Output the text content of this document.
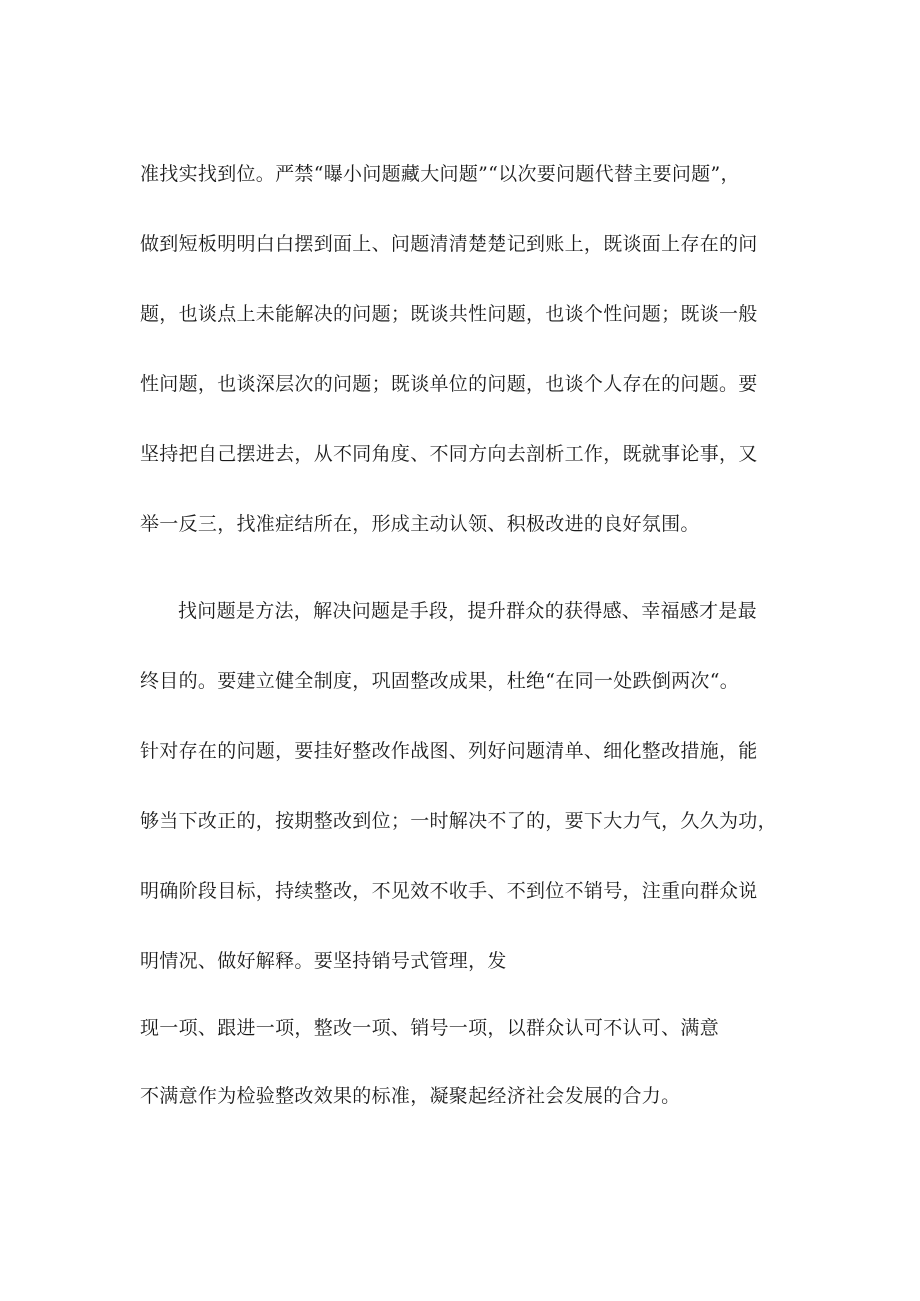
准找实找到位。严禁“曝小问题藏大问题”“以次要问题代替主要问题”，
做到短板明明白白摆到面上、问题清清楚楚记到账上，既谈面上存在的问
题，也谈点上未能解决的问题；既谈共性问题，也谈个性问题；既谈一般
性问题，也谈深层次的问题；既谈单位的问题，也谈个人存在的问题。要
坚持把自己摆进去，从不同角度、不同方向去剖析工作，既就事论事，又
举一反三，找准症结所在，形成主动认领、积极改进的良好氛围。
找问题是方法，解决问题是手段，提升群众的获得感、幸福感才是最
终目的。要建立健全制度，巩固整改成果，杜绝“在同一处跌倒两次“。
针对存在的问题，要挂好整改作战图、列好问题清单、细化整改措施，能
够当下改正的，按期整改到位；一时解决不了的，要下大力气，久久为功，
明确阶段目标，持续整改，不见效不收手、不到位不销号，注重向群众说
明情况、做好解释。要坚持销号式管理，发
现一项、跟进一项，整改一项、销号一项，以群众认可不认可、满意
不满意作为检验整改效果的标准，凝聚起经济社会发展的合力。
